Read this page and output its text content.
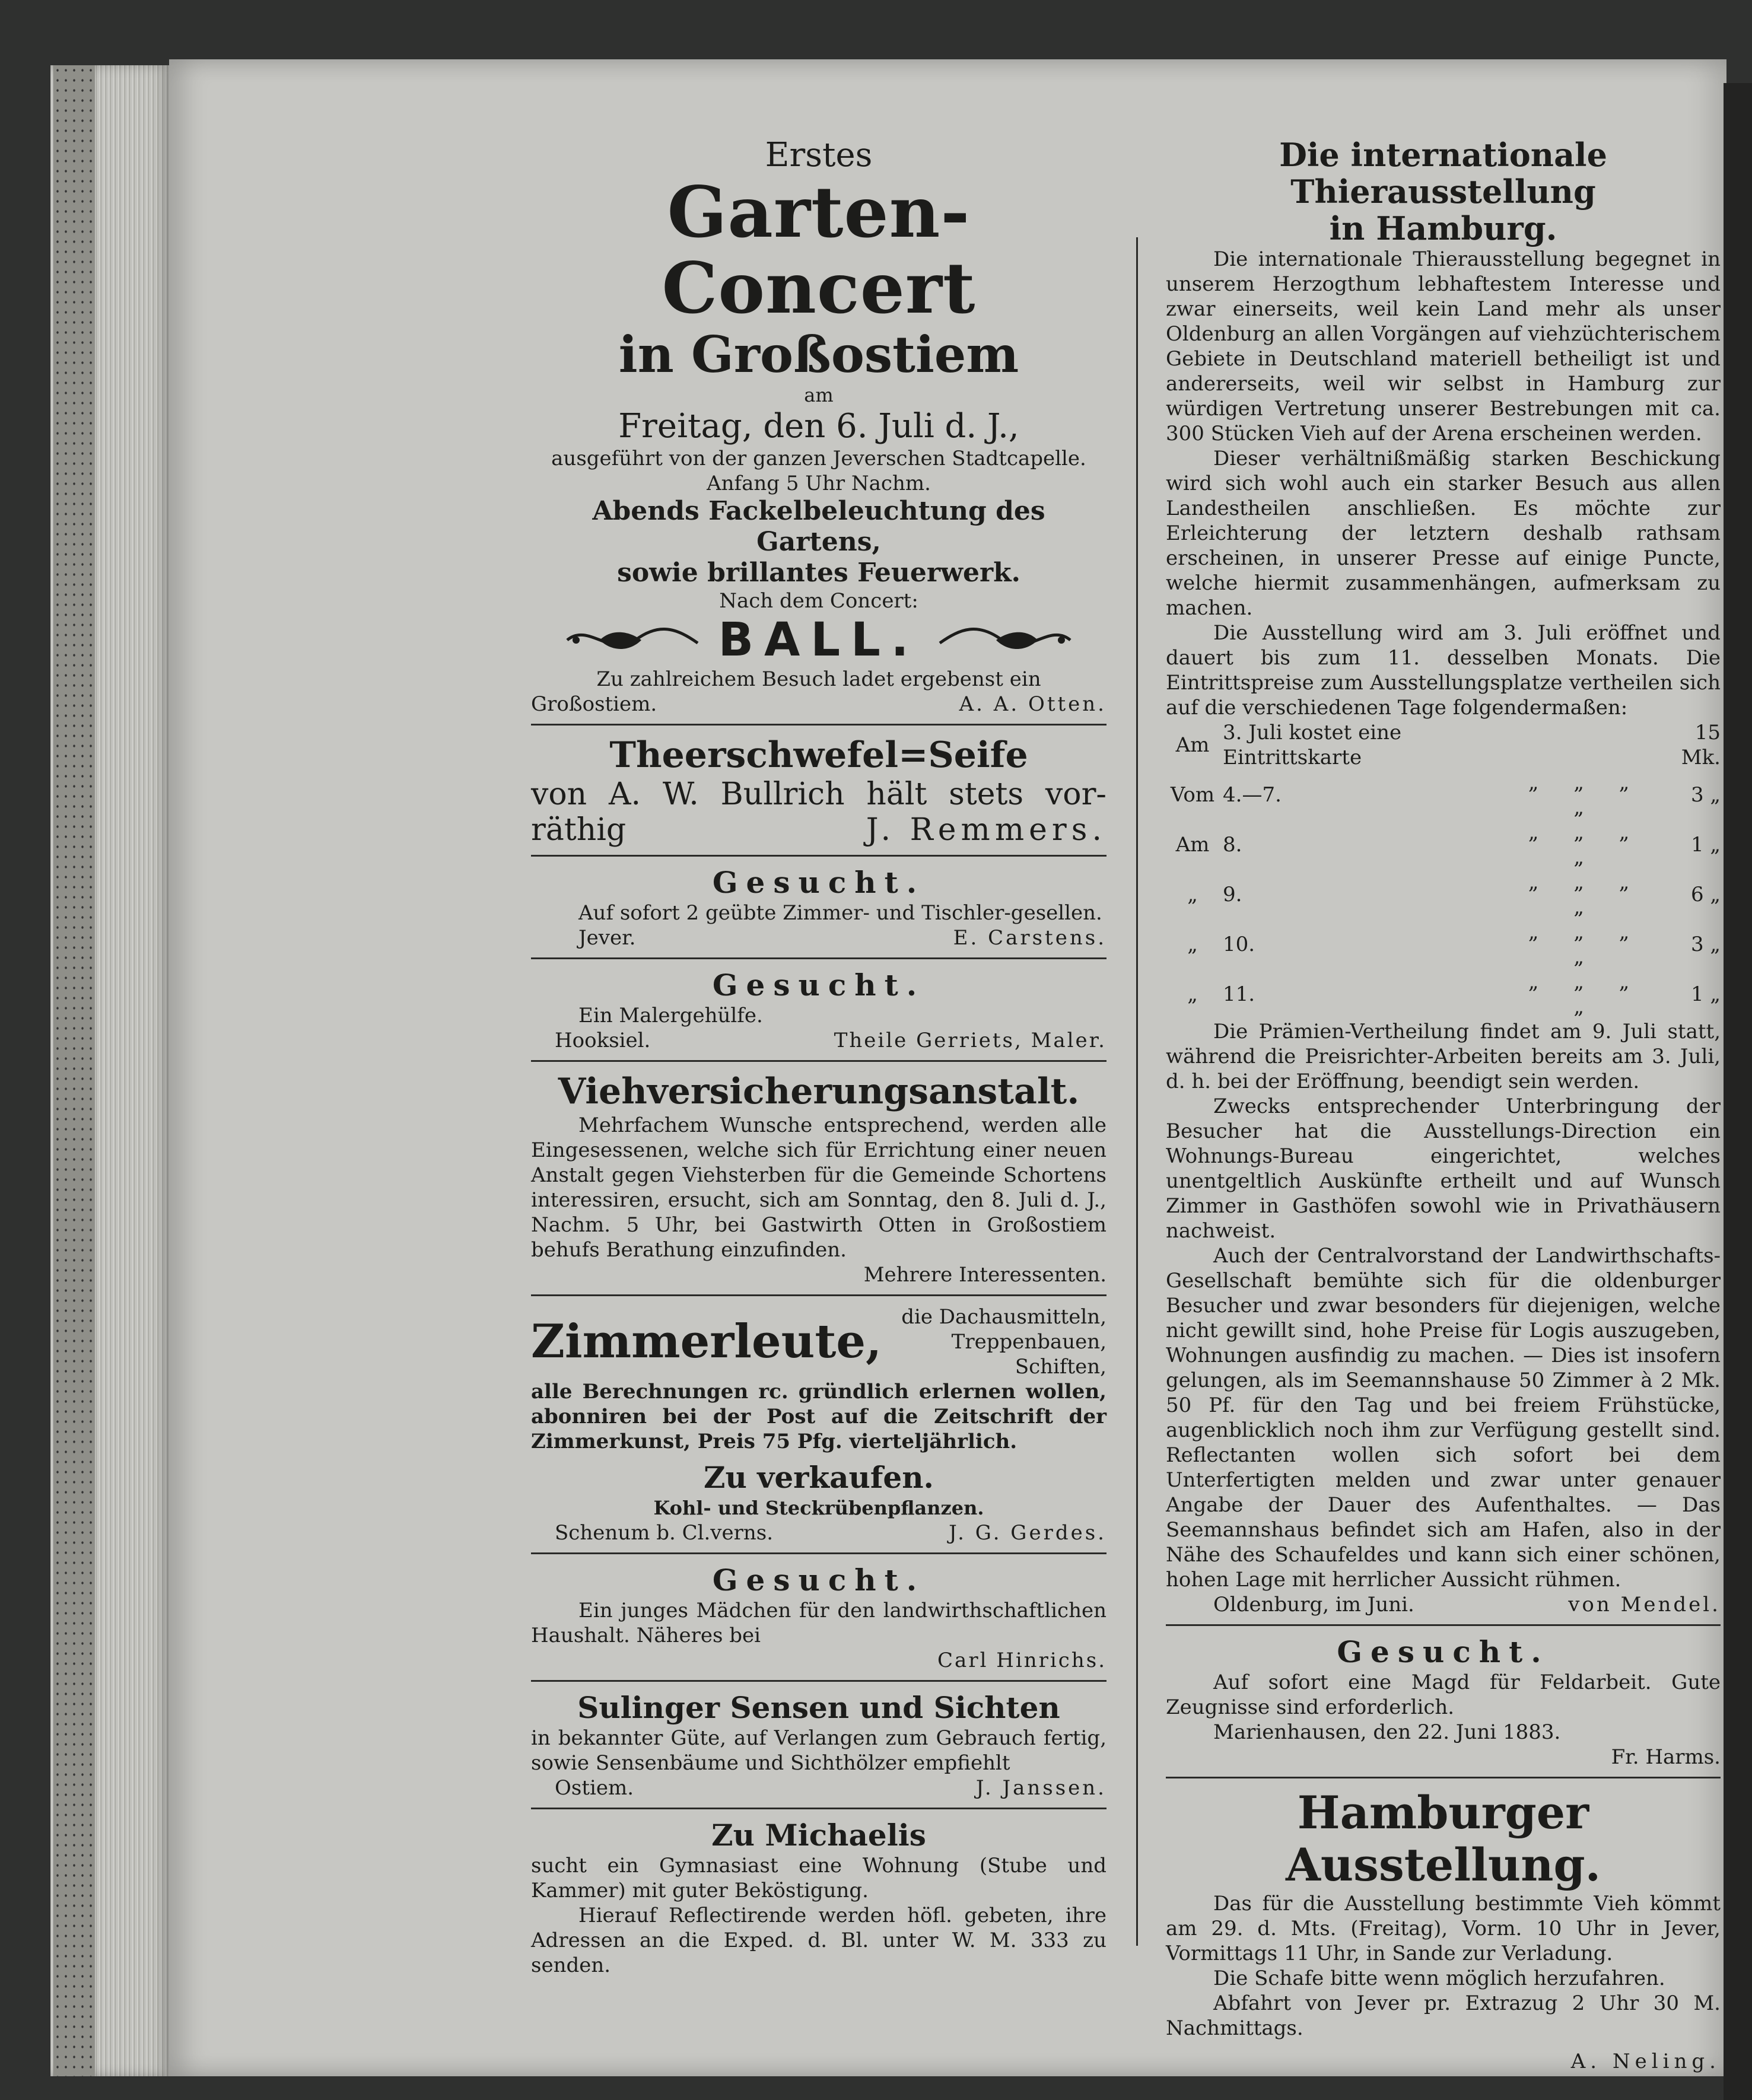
Erstes
Garten-Concert
in Großostiem
am
Freitag, den 6. Juli d. J.,
ausgeführt von der ganzen Jeverschen Stadtcapelle.
Anfang 5 Uhr Nachm.
Abends Fackelbeleuchtung des Gartens,
sowie brillantes Feuerwerk.
Nach dem Concert:
BALL.
Zu zahlreichem Besuch ladet ergebenst ein
Großostiem.	A. A. Otten.
Theerschwefel=Seife
von A. W. Bullrich hält stets vor-
räthig	J. Remmers.
Gesucht.
Auf sofort 2 geübte Zimmer- und Tischler-gesellen.
Jever.	E. Carstens.
Gesucht.
Ein Malergehülfe.
Hooksiel.	Theile Gerriets, Maler.
Viehversicherungsanstalt.
Mehrfachem Wunsche entsprechend, werden alle Eingesessenen, welche sich für Errichtung einer neuen Anstalt gegen Viehsterben für die Gemeinde Schortens interessiren, ersucht, sich am Sonntag, den 8. Juli d. J., Nachm. 5 Uhr, bei Gastwirth Otten in Großostiem behufs Berathung einzufinden.
Mehrere Interessenten.
Zimmerleute, die Dachausmitteln, Treppenbauen, Schiften,
alle Berechnungen rc. gründlich erlernen wollen, abonniren bei der Post auf die Zeitschrift der Zimmerkunst, Preis 75 Pfg. vierteljährlich.
Zu verkaufen.
Kohl- und Steckrübenpflanzen.
Schenum b. Cl.verns.	J. G. Gerdes.
Gesucht.
Ein junges Mädchen für den landwirthschaftlichen Haushalt. Näheres bei
Carl Hinrichs.
Sulinger Sensen und Sichten
in bekannter Güte, auf Verlangen zum Gebrauch fertig, sowie Sensenbäume und Sichthölzer empfiehlt
Ostiem.	J. Janssen.
Zu Michaelis
sucht ein Gymnasiast eine Wohnung (Stube und Kammer) mit guter Beköstigung.
Hierauf Reflectirende werden höfl. gebeten, ihre Adressen an die Exped. d. Bl. unter W. M. 333 zu senden.
Die internationale Thierausstellung
in Hamburg.
Die internationale Thierausstellung begegnet in unserem Herzogthum lebhaftestem Interesse und zwar einerseits, weil kein Land mehr als unser Oldenburg an allen Vorgängen auf viehzüchterischem Gebiete in Deutschland materiell betheiligt ist und andererseits, weil wir selbst in Hamburg zur würdigen Vertretung unserer Bestrebungen mit ca. 300 Stücken Vieh auf der Arena erscheinen werden.
Dieser verhältnißmäßig starken Beschickung wird sich wohl auch ein starker Besuch aus allen Landestheilen anschließen. Es möchte zur Erleichterung der letztern deshalb rathsam erscheinen, in unserer Presse auf einige Puncte, welche hiermit zusammenhängen, aufmerksam zu machen.
Die Ausstellung wird am 3. Juli eröffnet und dauert bis zum 11. desselben Monats. Die Eintrittspreise zum Ausstellungsplatze vertheilen sich auf die verschiedenen Tage folgendermaßen:
Am	3. Juli kostet eine Eintrittskarte		15 Mk.
Vom	4.—7.	„ „ „ „	3 „
Am	8.	„ „ „ „	1 „
„	9.	„ „ „ „	6 „
„	10.	„ „ „ „	3 „
„	11.	„ „ „ „	1 „
Die Prämien-Vertheilung findet am 9. Juli statt, während die Preisrichter-Arbeiten bereits am 3. Juli, d. h. bei der Eröffnung, beendigt sein werden.
Zwecks entsprechender Unterbringung der Besucher hat die Ausstellungs-Direction ein Wohnungs-Bureau eingerichtet, welches unentgeltlich Auskünfte ertheilt und auf Wunsch Zimmer in Gasthöfen sowohl wie in Privathäusern nachweist.
Auch der Centralvorstand der Landwirthschafts-Gesellschaft bemühte sich für die oldenburger Besucher und zwar besonders für diejenigen, welche nicht gewillt sind, hohe Preise für Logis auszugeben, Wohnungen ausfindig zu machen. — Dies ist insofern gelungen, als im Seemannshause 50 Zimmer à 2 Mk. 50 Pf. für den Tag und bei freiem Frühstücke, augenblicklich noch ihm zur Verfügung gestellt sind. Reflectanten wollen sich sofort bei dem Unterfertigten melden und zwar unter genauer Angabe der Dauer des Aufenthaltes. — Das Seemannshaus befindet sich am Hafen, also in der Nähe des Schaufeldes und kann sich einer schönen, hohen Lage mit herrlicher Aussicht rühmen.
Oldenburg, im Juni.	von Mendel.
Gesucht.
Auf sofort eine Magd für Feldarbeit. Gute Zeugnisse sind erforderlich.
Marienhausen, den 22. Juni 1883.
Fr. Harms.
Hamburger Ausstellung.
Das für die Ausstellung bestimmte Vieh kömmt am 29. d. Mts. (Freitag), Vorm. 10 Uhr in Jever, Vormittags 11 Uhr, in Sande zur Verladung.
Die Schafe bitte wenn möglich herzufahren.
Abfahrt von Jever pr. Extrazug 2 Uhr 30 M. Nachmittags.
A. Neling.
